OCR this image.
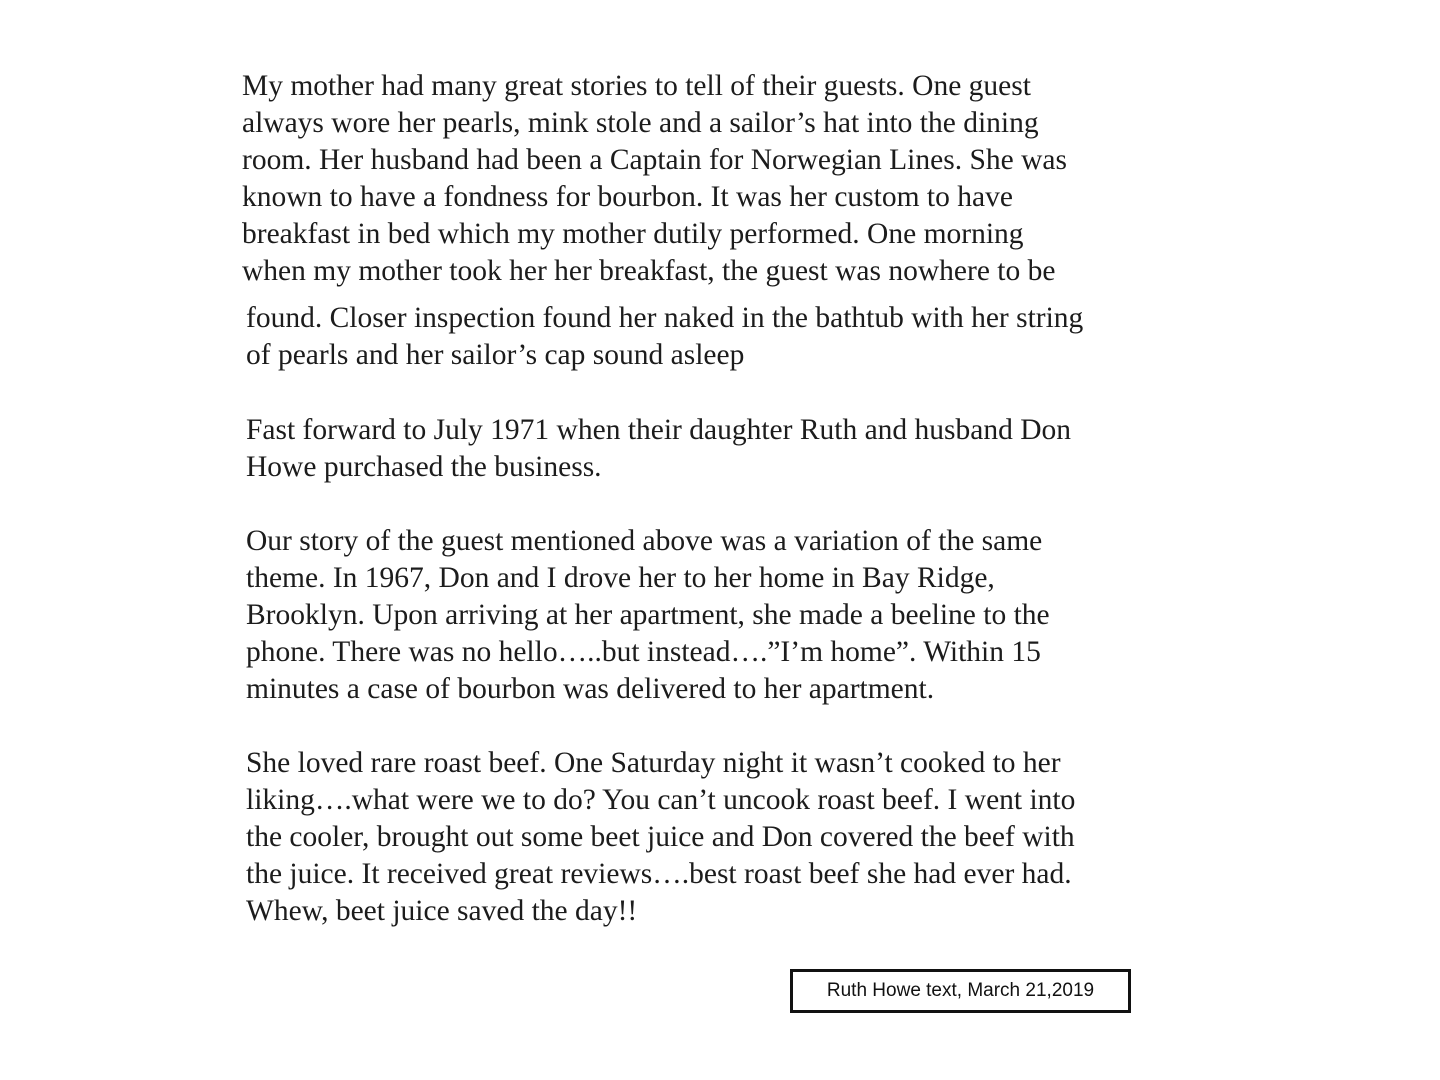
My mother had many great stories to tell of their guests. One guest
always wore her pearls, mink stole and a sailor’s hat into the dining
room. Her husband had been a Captain for Norwegian Lines. She was
known to have a fondness for bourbon. It was her custom to have
breakfast in bed which my mother dutily performed. One morning
when my mother took her her breakfast, the guest was nowhere to be
found. Closer inspection found her naked in the bathtub with her string
of pearls and her sailor’s cap sound asleep
Fast forward to July 1971 when their daughter Ruth and husband Don
Howe purchased the business.
Our story of the guest mentioned above was a variation of the same
theme. In 1967, Don and I drove her to her home in Bay Ridge,
Brooklyn. Upon arriving at her apartment, she made a beeline to the
phone. There was no hello…..but instead….”I’m home”. Within 15
minutes a case of bourbon was delivered to her apartment.
She loved rare roast beef. One Saturday night it wasn’t cooked to her
liking….what were we to do? You can’t uncook roast beef. I went into
the cooler, brought out some beet juice and Don covered the beef with
the juice. It received great reviews….best roast beef she had ever had.
Whew, beet juice saved the day!!
Ruth Howe text, March 21,2019
